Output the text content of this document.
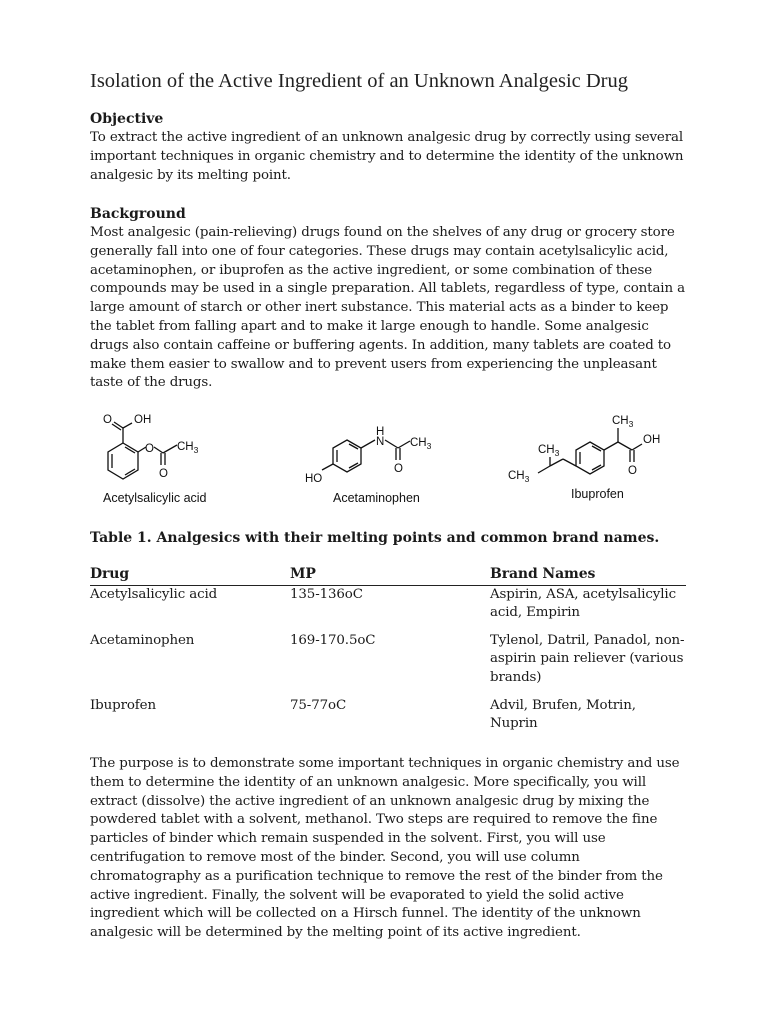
Isolation of the Active Ingredient of an Unknown Analgesic Drug
Objective

To extract the active ingredient of an unknown analgesic drug by correctly using several important techniques in organic chemistry and to determine the identity of the unknown analgesic by its melting point.

Background

Most analgesic (pain-relieving) drugs found on the shelves of any drug or grocery store generally fall into one of four categories. These drugs may contain acetylsalicylic acid, acetaminophen, or ibuprofen as the active ingredient, or some combination of these compounds may be used in a single preparation. All tablets, regardless of type, contain a large amount of starch or other inert substance. This material acts as a binder to keep the tablet from falling apart and to make it large enough to handle. Some analgesic drugs also contain caffeine or buffering agents. In addition, many tablets are coated to make them easier to swallow and to prevent users from experiencing the unpleasant taste of the drugs.

O OH
O $CH_3$
O
Acetylsalicylic acid
HO
H
N $CH_3$
O
Acetaminophen
$CH_3$
OH
O
$CH_3$
$CH_3$
Ibuprofen

Table 1. Analgesics with their melting points and common brand names.

Drug	MP	Brand Names
Acetylsalicylic acid	135-136oC	Aspirin, ASA, acetylsalicylic acid, Empirin
Acetaminophen	169-170.5oC	Tylenol, Datril, Panadol, non-aspirin pain reliever (various brands)
Ibuprofen	75-77oC	Advil, Brufen, Motrin, Nuprin

The purpose is to demonstrate some important techniques in organic chemistry and use them to determine the identity of an unknown analgesic. More specifically, you will extract (dissolve) the active ingredient of an unknown analgesic drug by mixing the powdered tablet with a solvent, methanol. Two steps are required to remove the fine particles of binder which remain suspended in the solvent. First, you will use centrifugation to remove most of the binder. Second, you will use column chromatography as a purification technique to remove the rest of the binder from the active ingredient. Finally, the solvent will be evaporated to yield the solid active ingredient which will be collected on a Hirsch funnel. The identity of the unknown analgesic will be determined by the melting point of its active ingredient.
